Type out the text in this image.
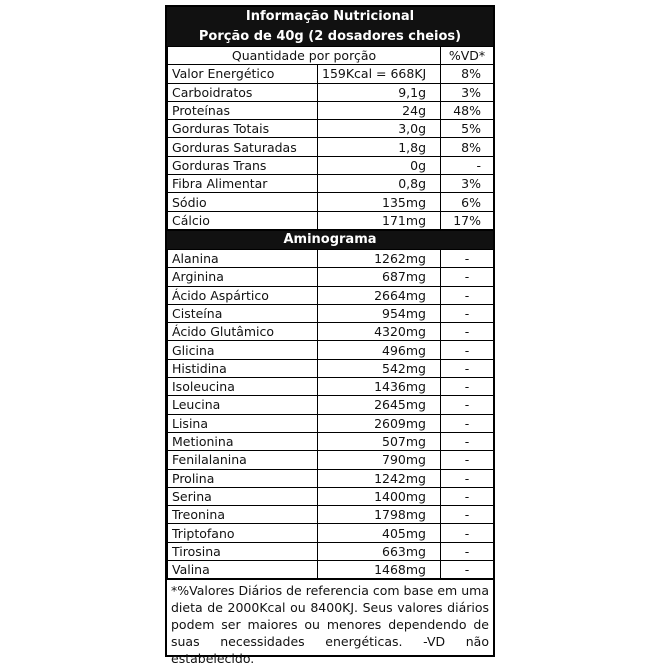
Informação Nutricional
Porção de 40g (2 dosadores cheios)
Quantidade por porção		%VD*
Valor Energético	159Kcal = 668KJ	8%
Carboidratos	9,1g	3%
Proteínas	24g	48%
Gorduras Totais	3,0g	5%
Gorduras Saturadas	1,8g	8%
Gorduras Trans	0g	-
Fibra Alimentar	0,8g	3%
Sódio	135mg	6%
Cálcio	171mg	17%
Aminograma
Alanina	1262mg	-
Arginina	687mg	-
Ácido Aspártico	2664mg	-
Cisteína	954mg	-
Ácido Glutâmico	4320mg	-
Glicina	496mg	-
Histidina	542mg	-
Isoleucina	1436mg	-
Leucina	2645mg	-
Lisina	2609mg	-
Metionina	507mg	-
Fenilalanina	790mg	-
Prolina	1242mg	-
Serina	1400mg	-
Treonina	1798mg	-
Triptofano	405mg	-
Tirosina	663mg	-
Valina	1468mg	-
*%Valores Diários de referencia com base em uma dieta de 2000Kcal ou 8400KJ. Seus valores diários podem ser maiores ou menores dependendo de suas necessidades energéticas. -VD não estabelecido.
